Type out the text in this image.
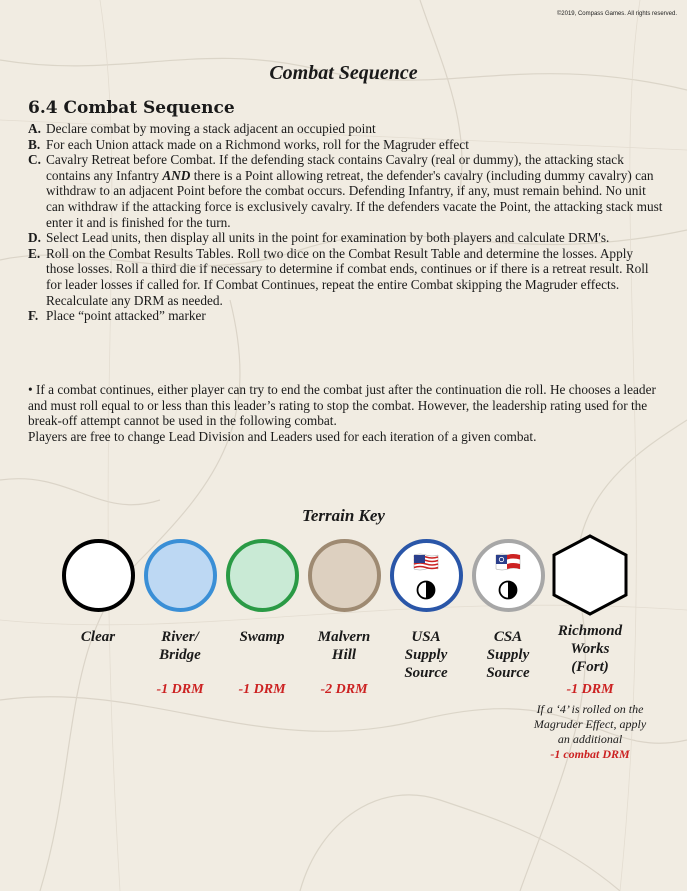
©2019, Compass Games. All rights reserved.
Combat Sequence
6.4 Combat Sequence

A. Declare combat by moving a stack adjacent an occupied point

B. For each Union attack made on a Richmond works, roll for the Magruder effect

C. Cavalry Retreat before Combat. If the defending stack contains Cavalry (real or dummy), the attacking stack contains any Infantry AND there is a Point allowing retreat, the defender's cavalry (including dummy cavalry) can withdraw to an adjacent Point before the combat occurs. Defending Infantry, if any, must remain behind. No unit can withdraw if the attacking force is exclusively cavalry. If the defenders vacate the Point, the attacking stack must enter it and is finished for the turn.

D. Select Lead units, then display all units in the point for examination by both players and calculate DRM's.

E. Roll on the Combat Results Tables. Roll two dice on the Combat Result Table and determine the losses. Apply those losses. Roll a third die if necessary to determine if combat ends, continues or if there is a retreat result. Roll for leader losses if called for. If Combat Continues, repeat the entire Combat skipping the Magruder effects. Recalculate any DRM as needed.

F. Place “point attacked” marker

• If a combat continues, either player can try to end the combat just after the continuation die roll. He chooses a leader and must roll equal to or less than this leader’s rating to stop the combat. However, the leadership rating used for the break-off attempt cannot be used in the following combat.

Players are free to change Lead Division and Leaders used for each iteration of a given combat.

Terrain Key
Clear	River/
Bridge
-1 DRM
Swamp
-1 DRM
Malvern
Hill
-2 DRM
USA
Supply
Source
CSA
Supply
Source
Richmond
Works
(Fort)
-1 DRM
If a ‘4’ is rolled on the Magruder Effect, apply an additional
-1 combat DRM
